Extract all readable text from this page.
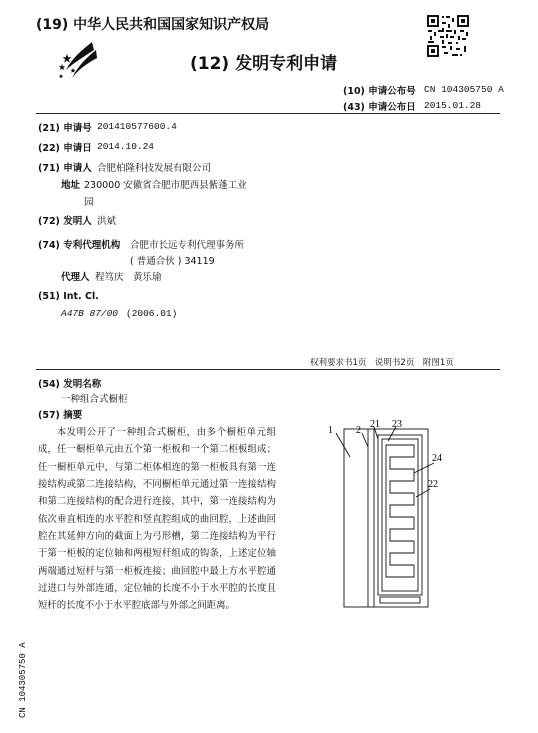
(19) 中华人民共和国国家知识产权局
(12) 发明专利申请
(10) 申请公布号 CN 104305750 A
(43) 申请公布日 2015.01.28
(21) 申请号 201410577600.4
(22) 申请日 2014.10.24
(71) 申请人 合肥柏隆科技发展有限公司
地址 230000 安徽省合肥市肥西县紫蓬工业
园
(72) 发明人 洪斌
(74) 专利代理机构 合肥市长远专利代理事务所
( 普通合伙 ) 34119
代理人 程笃庆　黄乐瑜
(51) Int. Cl.
A47B 87/00 (2006.01)
权利要求书1页　说明书2页　附图1页
(54) 发明名称
一种组合式橱柜
(57) 摘要
本发明公开了一种组合式橱柜，由多个橱柜单元组成，任一橱柜单元由五个第一柜板和一个第二柜板组成；任一橱柜单元中，与第二柜体相连的第一柜板具有第一连接结构或第二连接结构，不同橱柜单元通过第一连接结构和第二连接结构的配合进行连接，其中，第一连接结构为依次垂直相连的水平腔和竖直腔组成的曲回腔，上述曲回腔在其延伸方向的截面上为弓形槽，第二连接结构为平行于第一柜板的定位轴和两根短杆组成的钩条，上述定位轴两端通过短杆与第一柜板连接；曲回腔中最上方水平腔通过进口与外部连通，定位轴的长度不小于水平腔的长度且短杆的长度不小于水平腔底部与外部之间距离。
1 2
21 23
24
22
CN 104305750 A
